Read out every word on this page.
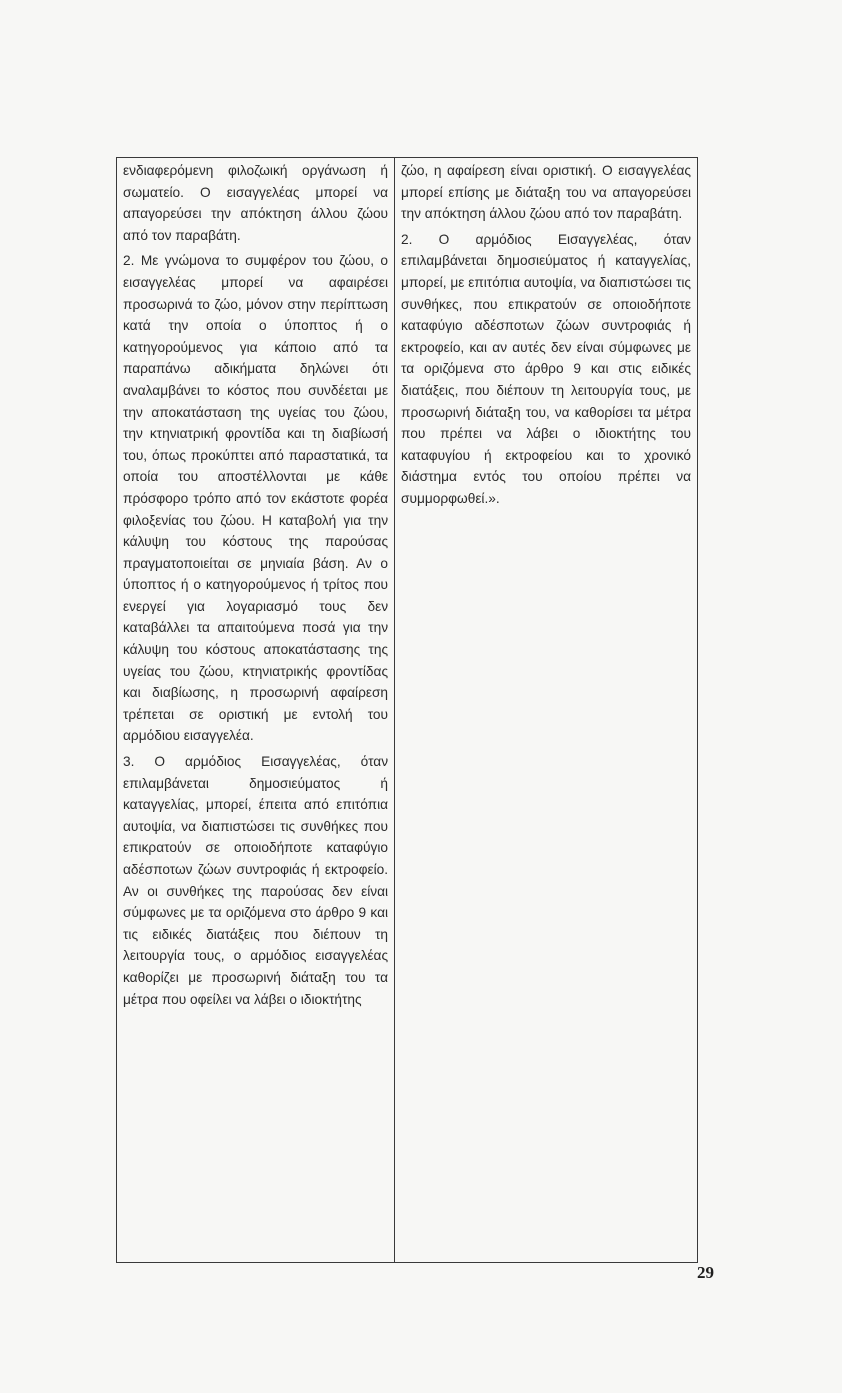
ενδιαφερόμενη φιλοζωική οργάνωση ή σωματείο. Ο εισαγγελέας μπορεί να απαγορεύσει την απόκτηση άλλου ζώου από τον παραβάτη.

2. Με γνώμονα το συμφέρον του ζώου, ο εισαγγελέας μπορεί να αφαιρέσει προσωρινά το ζώο, μόνον στην περίπτωση κατά την οποία ο ύποπτος ή ο κατηγορούμενος για κάποιο από τα παραπάνω αδικήματα δηλώνει ότι αναλαμβάνει το κόστος που συνδέεται με την αποκατάσταση της υγείας του ζώου, την κτηνιατρική φροντίδα και τη διαβίωσή του, όπως προκύπτει από παραστατικά, τα οποία του αποστέλλονται με κάθε πρόσφορο τρόπο από τον εκάστοτε φορέα φιλοξενίας του ζώου. Η καταβολή για την κάλυψη του κόστους της παρούσας πραγματοποιείται σε μηνιαία βάση. Αν ο ύποπτος ή ο κατηγορούμενος ή τρίτος που ενεργεί για λογαριασμό τους δεν καταβάλλει τα απαιτούμενα ποσά για την κάλυψη του κόστους αποκατάστασης της υγείας του ζώου, κτηνιατρικής φροντίδας και διαβίωσης, η προσωρινή αφαίρεση τρέπεται σε οριστική με εντολή του αρμόδιου εισαγγελέα.

3. Ο αρμόδιος Εισαγγελέας, όταν επιλαμβάνεται δημοσιεύματος ή καταγγελίας, μπορεί, έπειτα από επιτόπια αυτοψία, να διαπιστώσει τις συνθήκες που επικρατούν σε οποιοδήποτε καταφύγιο αδέσποτων ζώων συντροφιάς ή εκτροφείο. Αν οι συνθήκες της παρούσας δεν είναι σύμφωνες με τα οριζόμενα στο άρθρο 9 και τις ειδικές διατάξεις που διέπουν τη λειτουργία τους, ο αρμόδιος εισαγγελέας καθορίζει με προσωρινή διάταξη του τα μέτρα που οφείλει να λάβει ο ιδιοκτήτης

ζώο, η αφαίρεση είναι οριστική. Ο εισαγγελέας μπορεί επίσης με διάταξη του να απαγορεύσει την απόκτηση άλλου ζώου από τον παραβάτη.

2. Ο αρμόδιος Εισαγγελέας, όταν επιλαμβάνεται δημοσιεύματος ή καταγγελίας, μπορεί, με επιτόπια αυτοψία, να διαπιστώσει τις συνθήκες, που επικρατούν σε οποιοδήποτε καταφύγιο αδέσποτων ζώων συντροφιάς ή εκτροφείο, και αν αυτές δεν είναι σύμφωνες με τα οριζόμενα στο άρθρο 9 και στις ειδικές διατάξεις, που διέπουν τη λειτουργία τους, με προσωρινή διάταξη του, να καθορίσει τα μέτρα που πρέπει να λάβει ο ιδιοκτήτης του καταφυγίου ή εκτροφείου και το χρονικό διάστημα εντός του οποίου πρέπει να συμμορφωθεί.».

29
